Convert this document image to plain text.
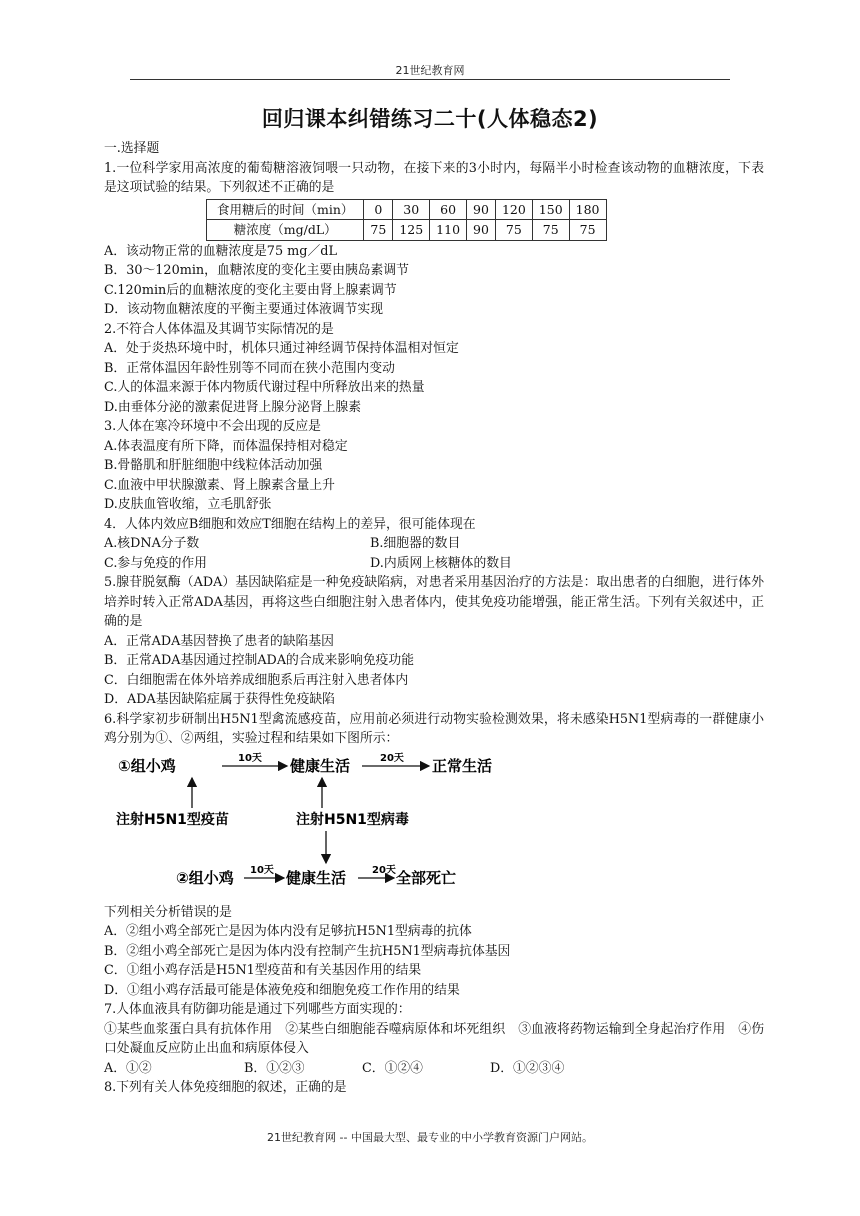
21世纪教育网
回归课本纠错练习二十(人体稳态2)
一.选择题
1.一位科学家用高浓度的葡萄糖溶液饲喂一只动物，在接下来的3小时内，每隔半小时检查该动物的血糖浓度，下表是这项试验的结果。下列叙述不正确的是
食用糖后的时间（min）	0	30	60	90	120	150	180
糖浓度（mg/dL）	75	125	110	90	75	75	75
A．该动物正常的血糖浓度是75 mg／dL
B．30～120min，血糖浓度的变化主要由胰岛素调节
C.120min后的血糖浓度的变化主要由肾上腺素调节
D．该动物血糖浓度的平衡主要通过体液调节实现
2.不符合人体体温及其调节实际情况的是
A．处于炎热环境中时，机体只通过神经调节保持体温相对恒定
B．正常体温因年龄性别等不同而在狭小范围内变动
C.人的体温来源于体内物质代谢过程中所释放出来的热量
D.由垂体分泌的激素促进肾上腺分泌肾上腺素
3.人体在寒冷环境中不会出现的反应是
A.体表温度有所下降，而体温保持相对稳定
B.骨骼肌和肝脏细胞中线粒体活动加强
C.血液中甲状腺激素、肾上腺素含量上升
D.皮肤血管收缩，立毛肌舒张
4．人体内效应B细胞和效应T细胞在结构上的差异，很可能体现在
A.核DNA分子数	B.细胞器的数目
C.参与免疫的作用	D.内质网上核糖体的数目
5.腺苷脱氨酶（ADA）基因缺陷症是一种免疫缺陷病，对患者采用基因治疗的方法是：取出患者的白细胞，进行体外培养时转入正常ADA基因，再将这些白细胞注射入患者体内，使其免疫功能增强，能正常生活。下列有关叙述中，正确的是
A．正常ADA基因替换了患者的缺陷基因
B．正常ADA基因通过控制ADA的合成来影响免疫功能
C．白细胞需在体外培养成细胞系后再注射入患者体内
D．ADA基因缺陷症属于获得性免疫缺陷
6.科学家初步研制出H5N1型禽流感疫苗，应用前必须进行动物实验检测效果，将未感染H5N1型病毒的一群健康小鸡分别为①、②两组，实验过程和结果如下图所示：
①组小鸡	10天 健康生活	20天 正常生活
注射H5N1型疫苗	注射H5N1型病毒
②组小鸡 10天 健康生活	20天 全部死亡
下列相关分析错误的是
A．②组小鸡全部死亡是因为体内没有足够抗H5N1型病毒的抗体
B．②组小鸡全部死亡是因为体内没有控制产生抗H5N1型病毒抗体基因
C．①组小鸡存活是H5N1型疫苗和有关基因作用的结果
D．①组小鸡存活最可能是体液免疫和细胞免疫工作作用的结果
7.人体血液具有防御功能是通过下列哪些方面实现的：
①某些血浆蛋白具有抗体作用　②某些白细胞能吞噬病原体和坏死组织　③血液将药物运输到全身起治疗作用　④伤口处凝血反应防止出血和病原体侵入
A．①②	B．①②③	C．①②④	D．①②③④
8.下列有关人体免疫细胞的叙述，正确的是
21世纪教育网 -- 中国最大型、最专业的中小学教育资源门户网站。
